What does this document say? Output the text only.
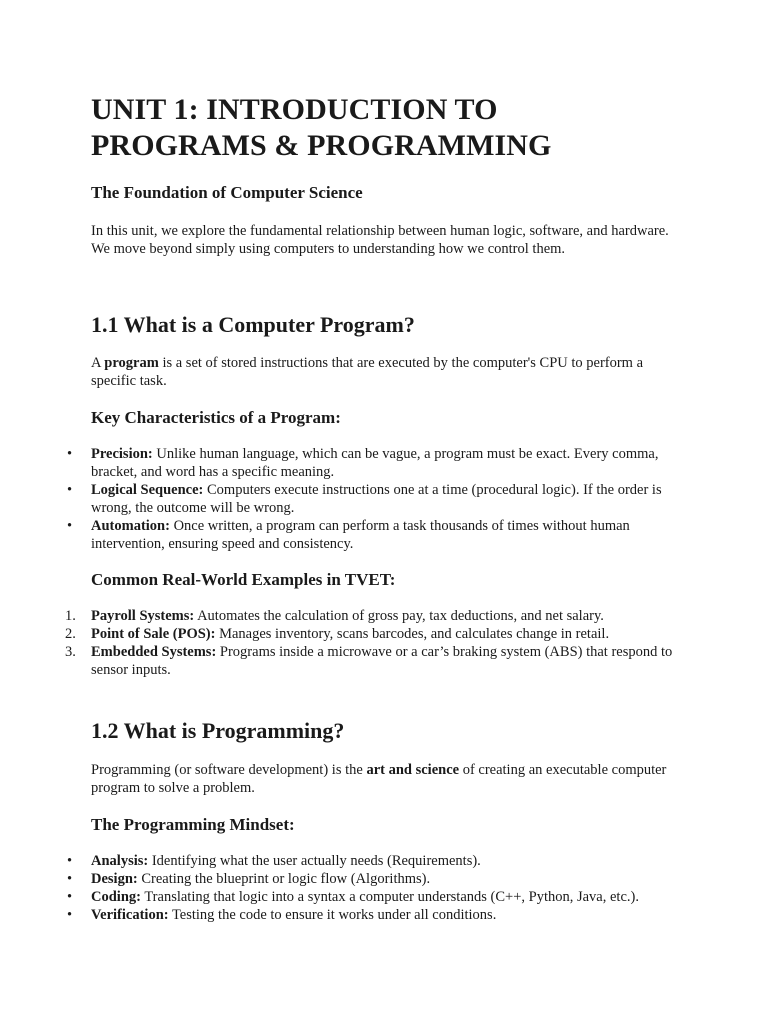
UNIT 1: INTRODUCTION TO
PROGRAMS & PROGRAMMING
The Foundation of Computer Science

In this unit, we explore the fundamental relationship between human logic, software, and hardware. We move beyond simply using computers to understanding how we control them.

1.1 What is a Computer Program?

A program is a set of stored instructions that are executed by the computer's CPU to perform a specific task.

Key Characteristics of a Program:
• Precision: Unlike human language, which can be vague, a program must be exact. Every comma, bracket, and word has a specific meaning.
• Logical Sequence: Computers execute instructions one at a time (procedural logic). If the order is wrong, the outcome will be wrong.
• Automation: Once written, a program can perform a task thousands of times without human intervention, ensuring speed and consistency.
Common Real-World Examples in TVET:
1. Payroll Systems: Automates the calculation of gross pay, tax deductions, and net salary.
2. Point of Sale (POS): Manages inventory, scans barcodes, and calculates change in retail.
3. Embedded Systems: Programs inside a microwave or a car’s braking system (ABS) that respond to sensor inputs.
1.2 What is Programming?

Programming (or software development) is the art and science of creating an executable computer program to solve a problem.

The Programming Mindset:
• Analysis: Identifying what the user actually needs (Requirements).
• Design: Creating the blueprint or logic flow (Algorithms).
• Coding: Translating that logic into a syntax a computer understands (C++, Python, Java, etc.).
• Verification: Testing the code to ensure it works under all conditions.
